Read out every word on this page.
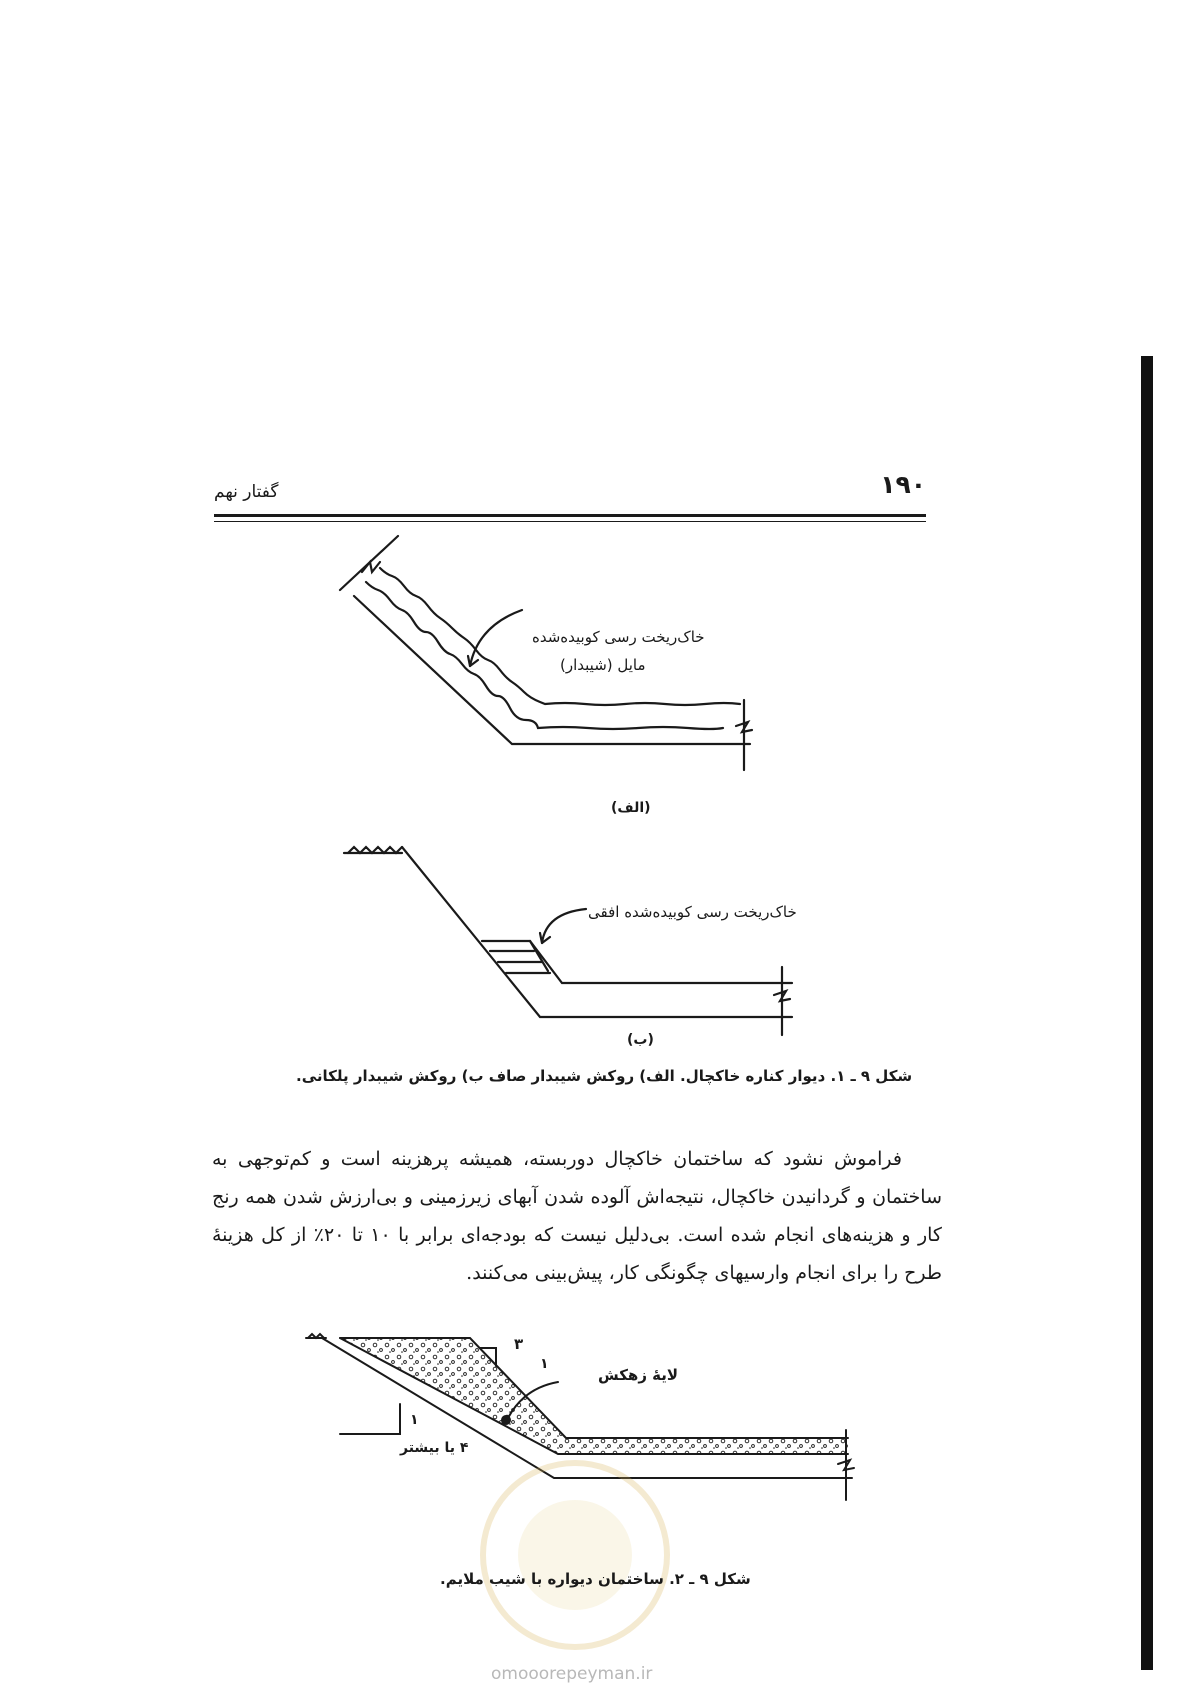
۱۹۰
گفتار نهم
خاک‌ریخت رسی کوبیده‌شده
مایل (شیبدار)
(الف)
خاک‌ریخت رسی کوبیده‌شده افقی
(ب)
شکل ۹ ـ ۱. دیوار کناره خاکچال. الف) روکش شیبدار صاف ب) روکش شیبدار پلکانی.

فراموش نشود که ساختمان خاکچال دوربسته، همیشه پرهزینه است و کم‌توجهی به ساختمان و گردانیدن خاکچال، نتیجه‌اش آلوده شدن آبهای زیرزمینی و بی‌ارزش شدن همه رنج کار و هزینه‌های انجام شده است. بی‌دلیل نیست که بودجه‌ای برابر با ۱۰ تا ۲۰٪ از کل هزینهٔ طرح را برای انجام وارسیهای چگونگی کار، پیش‌بینی می‌کنند.

لایهٔ زهکش
۳
۱
۱
۴ یا بیشتر
شکل ۹ ـ ۲. ساختمان دیواره با شیب ملایم.
omooorepeyman.ir
